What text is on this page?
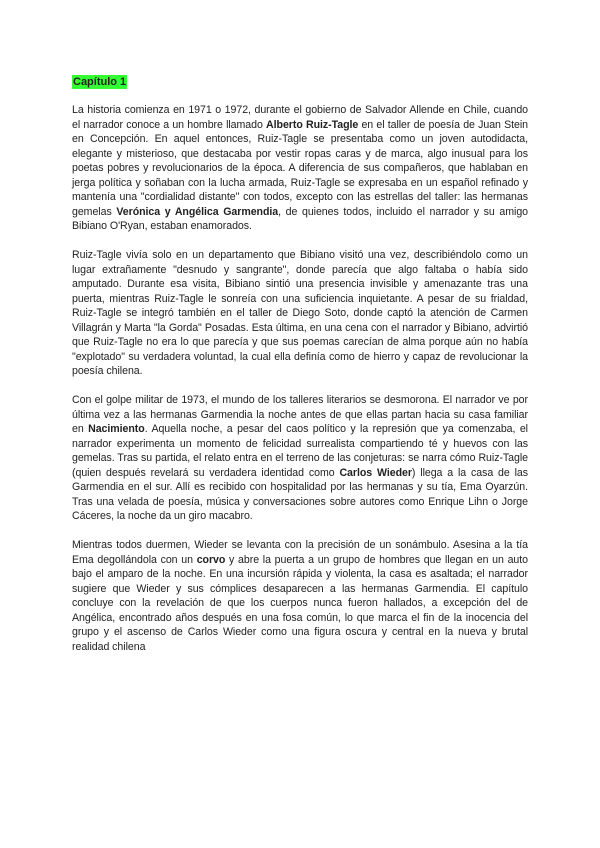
Capítulo 1

La historia comienza en 1971 o 1972, durante el gobierno de Salvador Allende en Chile, cuando el narrador conoce a un hombre llamado Alberto Ruiz-Tagle en el taller de poesía de Juan Stein en Concepción. En aquel entonces, Ruiz-Tagle se presentaba como un joven autodidacta, elegante y misterioso, que destacaba por vestir ropas caras y de marca, algo inusual para los poetas pobres y revolucionarios de la época. A diferencia de sus compañeros, que hablaban en jerga política y soñaban con la lucha armada, Ruiz-Tagle se expresaba en un español refinado y mantenía una "cordialidad distante" con todos, excepto con las estrellas del taller: las hermanas gemelas Verónica y Angélica Garmendia, de quienes todos, incluido el narrador y su amigo Bibiano O'Ryan, estaban enamorados.

Ruiz-Tagle vivía solo en un departamento que Bibiano visitó una vez, describiéndolo como un lugar extrañamente "desnudo y sangrante", donde parecía que algo faltaba o había sido amputado. Durante esa visita, Bibiano sintió una presencia invisible y amenazante tras una puerta, mientras Ruiz-Tagle le sonreía con una suficiencia inquietante. A pesar de su frialdad, Ruiz-Tagle se integró también en el taller de Diego Soto, donde captó la atención de Carmen Villagrán y Marta "la Gorda" Posadas. Esta última, en una cena con el narrador y Bibiano, advirtió que Ruiz-Tagle no era lo que parecía y que sus poemas carecían de alma porque aún no había "explotado" su verdadera voluntad, la cual ella definía como de hierro y capaz de revolucionar la poesía chilena.

Con el golpe militar de 1973, el mundo de los talleres literarios se desmorona. El narrador ve por última vez a las hermanas Garmendia la noche antes de que ellas partan hacia su casa familiar en Nacimiento. Aquella noche, a pesar del caos político y la represión que ya comenzaba, el narrador experimenta un momento de felicidad surrealista compartiendo té y huevos con las gemelas. Tras su partida, el relato entra en el terreno de las conjeturas: se narra cómo Ruiz-Tagle (quien después revelará su verdadera identidad como Carlos Wieder) llega a la casa de las Garmendia en el sur. Allí es recibido con hospitalidad por las hermanas y su tía, Ema Oyarzún. Tras una velada de poesía, música y conversaciones sobre autores como Enrique Lihn o Jorge Cáceres, la noche da un giro macabro.

Mientras todos duermen, Wieder se levanta con la precisión de un sonámbulo. Asesina a la tía Ema degollándola con un corvo y abre la puerta a un grupo de hombres que llegan en un auto bajo el amparo de la noche. En una incursión rápida y violenta, la casa es asaltada; el narrador sugiere que Wieder y sus cómplices desaparecen a las hermanas Garmendia. El capítulo concluye con la revelación de que los cuerpos nunca fueron hallados, a excepción del de Angélica, encontrado años después en una fosa común, lo que marca el fin de la inocencia del grupo y el ascenso de Carlos Wieder como una figura oscura y central en la nueva y brutal realidad chilena
